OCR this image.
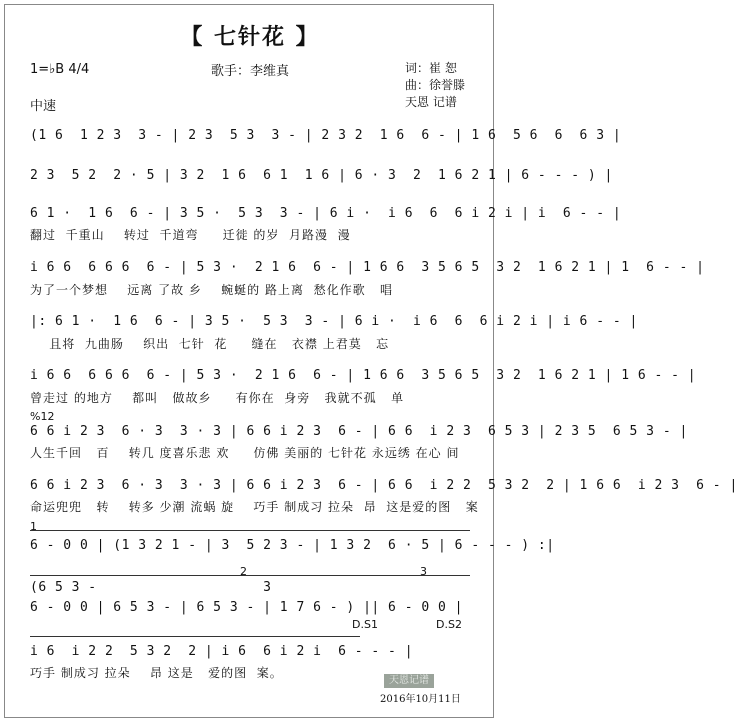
【 七针花 】
歌手：李维真
1=♭B 4/4
中速
词：崔 恕
曲：徐誉滕
天恩 记谱
(1 6  1 2 3  3 - | 2 3  5 3  3 - | 2 3 2  1 6  6 - | 1 6  5 6  6  6 3 |
2 3  5 2  2 · 5 | 3 2  1 6  6 1  1 6 | 6 · 3  2  1 6 2 1 | 6 - - - ) |
6 1 ·  1 6  6 - | 3 5 ·  5 3  3 - | 6 i ·  i 6  6  6 i 2 i | i  6 - - |
翻过  千重山    转过  千道弯     迁徙 的岁  月路漫  漫
i 6 6  6 6 6  6 - | 5 3 ·  2 1 6  6 - | 1 6 6  3 5 6 5  3 2  1 6 2 1 | 1  6 - - |
为了一个梦想    远离 了故 乡    蜿蜒的 路上离  愁化作歌   唱
|: 6 1 ·  1 6  6 - | 3 5 ·  5 3  3 - | 6 i ·  i 6  6  6 i 2 i | i 6 - - |
且将  九曲肠    织出  七针  花     缝在   衣襟 上君莫   忘
i 6 6  6 6 6  6 - | 5 3 ·  2 1 6  6 - | 1 6 6  3 5 6 5  3 2  1 6 2 1 | 1 6 - - |
曾走过 的地方    都叫   做故乡     有你在  身旁   我就不孤   单
%12
6 6 i 2 3  6 · 3  3 · 3 | 6 6 i 2 3  6 - | 6 6  i 2 3  6 5 3 | 2 3 5  6 5 3 - |
人生千回   百    转几 度喜乐悲 欢     仿佛 美丽的 七针花 永远绣 在心 间
6 6 i 2 3  6 · 3  3 · 3 | 6 6 i 2 3  6 - | 6 6  i 2 2  5 3 2  2 | 1 6 6  i 2 3  6 - |
命运兜兜   转    转多 少潮 流蜗 旋    巧手 制成习 拉朵  昂  这是爱的图   案
1
6 - 0 0 | (1 3 2 1 - | 3  5 2 3 - | 1 3 2  6 · 5 | 6 - - - ) :|
2	3
(6 5 3 -                    3
6 - 0 0 | 6 5 3 - | 6 5 3 - | 1 7 6 - ) || 6 - 0 0 |
D.S1	D.S2
i 6  i 2 2  5 3 2  2 | i 6  6 i 2 i  6 - - - |
巧手 制成习 拉朵    昂 这是   爱的图  案。
天恩记谱
2016年10月11日
